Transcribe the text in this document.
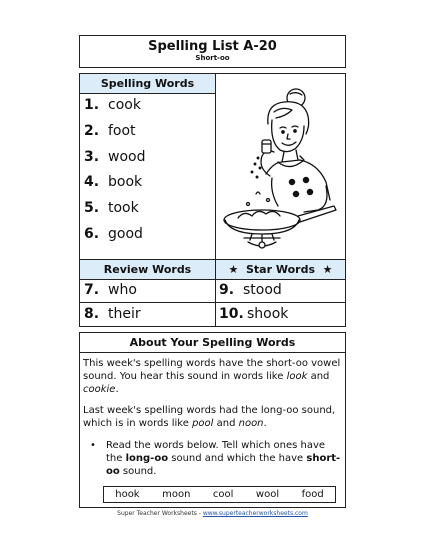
Spelling List A-20
Short-oo
Spelling Words
1. cook
2. foot
3. wood
4. book
5. took
6. good
Review Words	★ Star Words ★
7. who
8. their
9. stood
10. shook
About Your Spelling Words
This week's spelling words have the short-oo vowel sound. You hear this sound in words like look and cookie.
Last week's spelling words had the long-oo sound, which is in words like pool and noon.
• Read the words below. Tell which ones have the long-oo sound and which the have short-oo sound.
hook moon cool wool food
Super Teacher Worksheets - www.superteacherworksheets.com
